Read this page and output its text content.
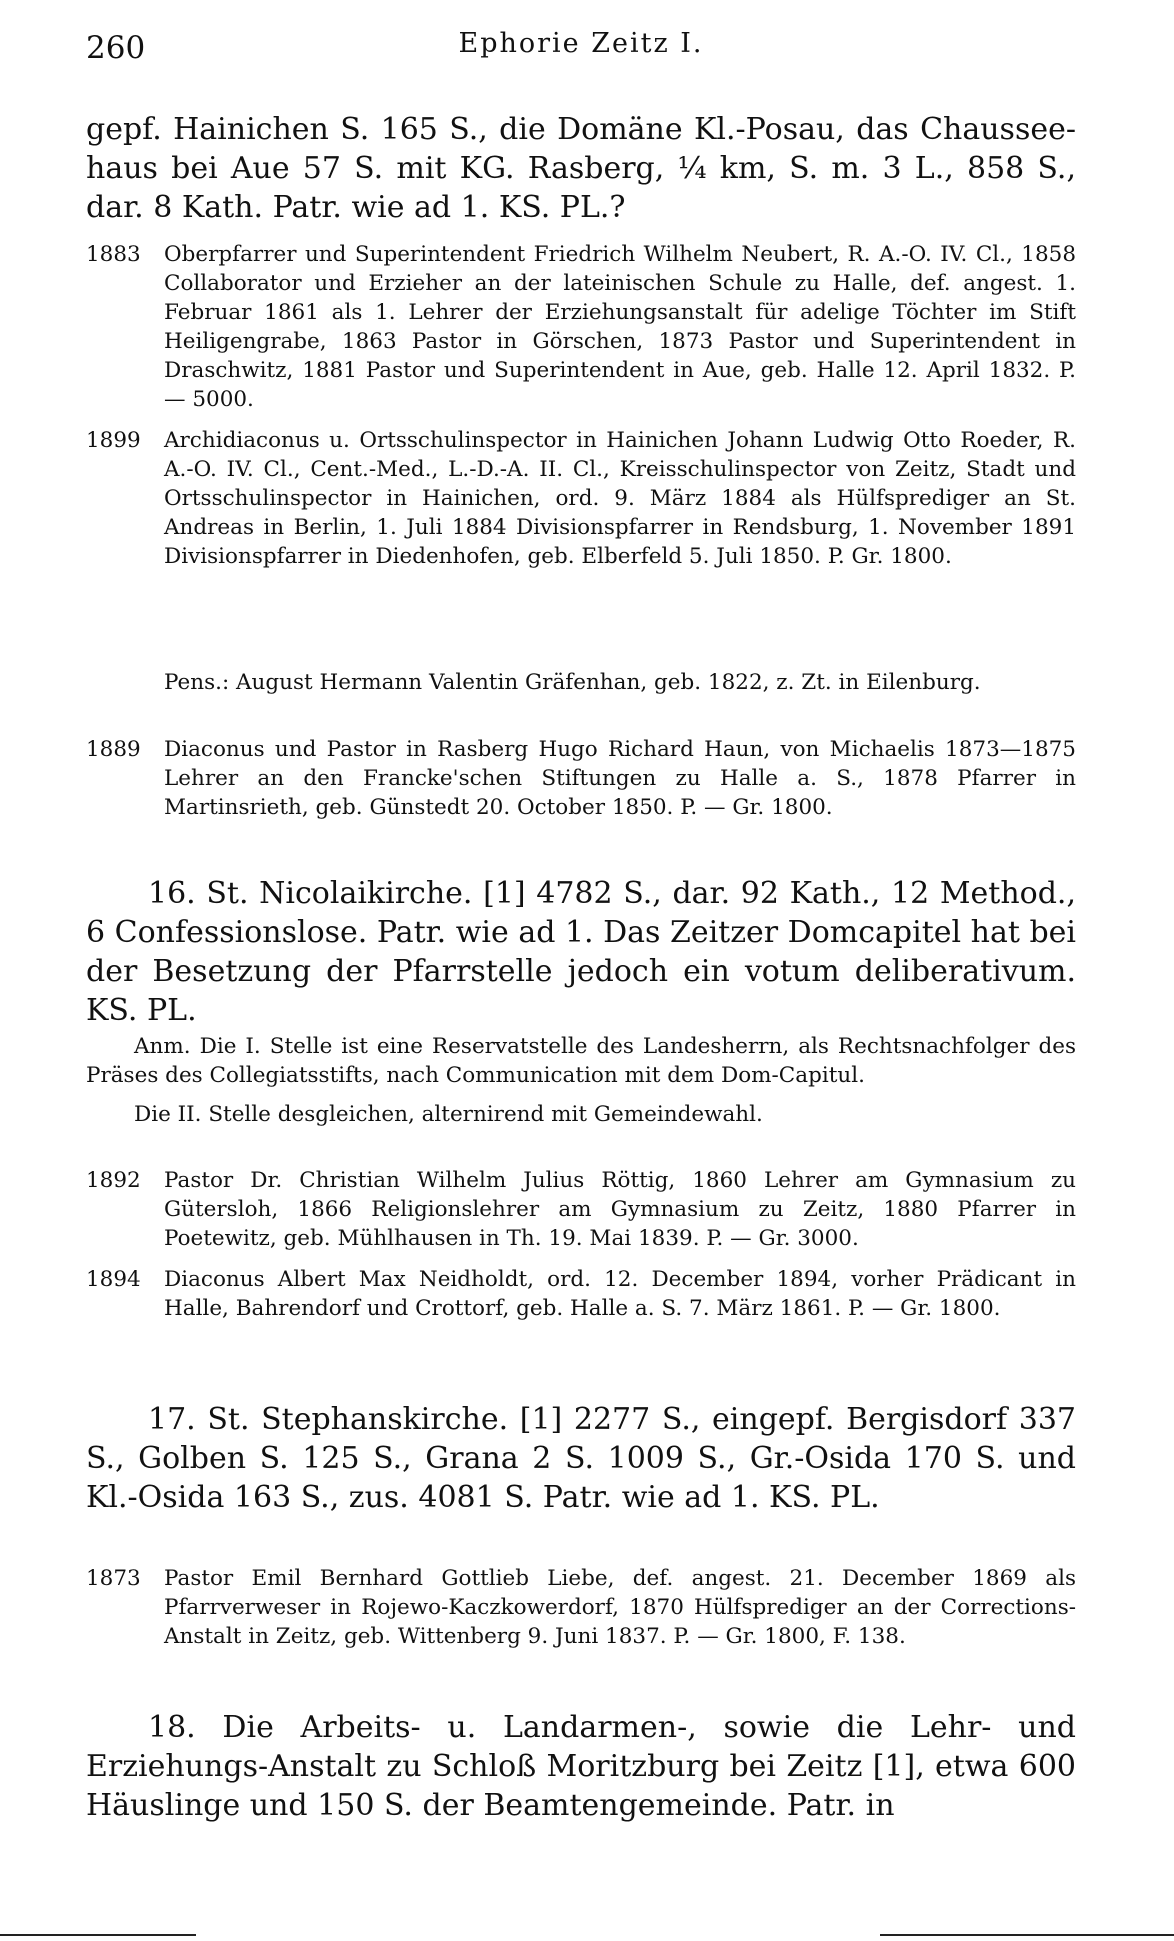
260	Ephorie Zeitz I.

gepf. Hainichen S. 165 S., die Domäne Kl.-Posau, das Chaussee-haus bei Aue 57 S. mit KG. Rasberg, ¼ km, S. m. 3 L., 858 S., dar. 8 Kath. Patr. wie ad 1. KS. PL.?

1883	Oberpfarrer und Superintendent Friedrich Wilhelm Neubert, R. A.-O. IV. Cl., 1858 Collaborator und Erzieher an der lateinischen Schule zu Halle, def. angest. 1. Februar 1861 als 1. Lehrer der Erziehungsanstalt für adelige Töchter im Stift Heiligengrabe, 1863 Pastor in Görschen, 1873 Pastor und Superintendent in Draschwitz, 1881 Pastor und Superintendent in Aue, geb. Halle 12. April 1832. P. — 5000.
1899	Archidiaconus u. Ortsschulinspector in Hainichen Johann Ludwig Otto Roeder, R. A.-O. IV. Cl., Cent.-Med., L.-D.-A. II. Cl., Kreisschulinspector von Zeitz, Stadt und Ortsschulinspector in Hainichen, ord. 9. März 1884 als Hülfsprediger an St. Andreas in Berlin, 1. Juli 1884 Divisionspfarrer in Rendsburg, 1. November 1891 Divisionspfarrer in Diedenhofen, geb. Elberfeld 5. Juli 1850. P. Gr. 1800.

Pens.: August Hermann Valentin Gräfenhan, geb. 1822, z. Zt. in Eilenburg.

1889	Diaconus und Pastor in Rasberg Hugo Richard Haun, von Michaelis 1873—1875 Lehrer an den Francke'schen Stiftungen zu Halle a. S., 1878 Pfarrer in Martinsrieth, geb. Günstedt 20. October 1850. P. — Gr. 1800.

16. St. Nicolaikirche. [1] 4782 S., dar. 92 Kath., 12 Method., 6 Confessionslose. Patr. wie ad 1. Das Zeitzer Domcapitel hat bei der Besetzung der Pfarrstelle jedoch ein votum deliberativum. KS. PL.

Anm. Die I. Stelle ist eine Reservatstelle des Landesherrn, als Rechtsnachfolger des Präses des Collegiatsstifts, nach Communication mit dem Dom-Capitul.

Die II. Stelle desgleichen, alternirend mit Gemeindewahl.

1892	Pastor Dr. Christian Wilhelm Julius Röttig, 1860 Lehrer am Gymnasium zu Gütersloh, 1866 Religionslehrer am Gymnasium zu Zeitz, 1880 Pfarrer in Poetewitz, geb. Mühlhausen in Th. 19. Mai 1839. P. — Gr. 3000.
1894	Diaconus Albert Max Neidholdt, ord. 12. December 1894, vorher Prädicant in Halle, Bahrendorf und Crottorf, geb. Halle a. S. 7. März 1861. P. — Gr. 1800.

17. St. Stephanskirche. [1] 2277 S., eingepf. Bergisdorf 337 S., Golben S. 125 S., Grana 2 S. 1009 S., Gr.-Osida 170 S. und Kl.-Osida 163 S., zus. 4081 S. Patr. wie ad 1. KS. PL.

1873	Pastor Emil Bernhard Gottlieb Liebe, def. angest. 21. December 1869 als Pfarrverweser in Rojewo-Kaczkowerdorf, 1870 Hülfsprediger an der Corrections-Anstalt in Zeitz, geb. Wittenberg 9. Juni 1837. P. — Gr. 1800, F. 138.

18. Die Arbeits- u. Landarmen-, sowie die Lehr- und Erziehungs-Anstalt zu Schloß Moritzburg bei Zeitz [1], etwa 600 Häuslinge und 150 S. der Beamtengemeinde. Patr. in
